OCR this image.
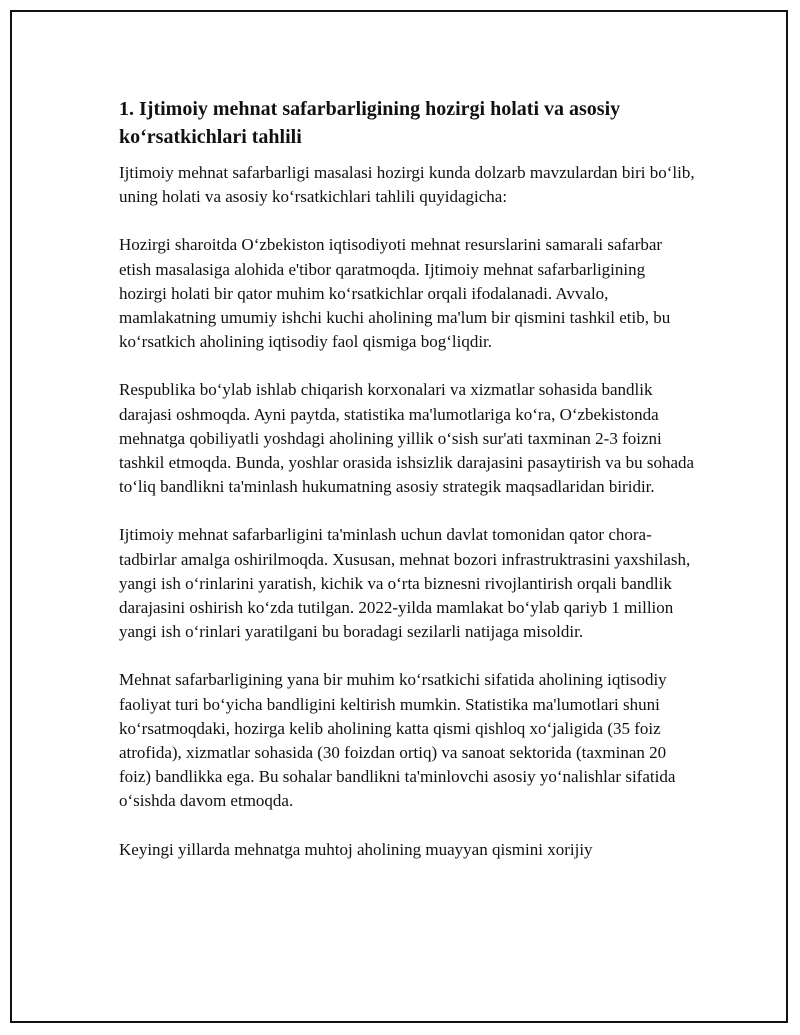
1. Ijtimoiy mehnat safarbarligining hozirgi holati va asosiy ko‘rsatkichlari tahlili

Ijtimoiy mehnat safarbarligi masalasi hozirgi kunda dolzarb mavzulardan biri bo‘lib, uning holati va asosiy ko‘rsatkichlari tahlili quyidagicha:

Hozirgi sharoitda O‘zbekiston iqtisodiyoti mehnat resurslarini samarali safarbar etish masalasiga alohida e'tibor qaratmoqda. Ijtimoiy mehnat safarbarligining hozirgi holati bir qator muhim ko‘rsatkichlar orqali ifodalanadi. Avvalo, mamlakatning umumiy ishchi kuchi aholining ma'lum bir qismini tashkil etib, bu ko‘rsatkich aholining iqtisodiy faol qismiga bog‘liqdir.

Respublika bo‘ylab ishlab chiqarish korxonalari va xizmatlar sohasida bandlik darajasi oshmoqda. Ayni paytda, statistika ma'lumotlariga ko‘ra, O‘zbekistonda mehnatga qobiliyatli yoshdagi aholining yillik o‘sish sur'ati taxminan 2-3 foizni tashkil etmoqda. Bunda, yoshlar orasida ishsizlik darajasini pasaytirish va bu sohada to‘liq bandlikni ta'minlash hukumatning asosiy strategik maqsadlaridan biridir.

Ijtimoiy mehnat safarbarligini ta'minlash uchun davlat tomonidan qator chora-tadbirlar amalga oshirilmoqda. Xususan, mehnat bozori infrastruktrasini yaxshilash, yangi ish o‘rinlarini yaratish, kichik va o‘rta biznesni rivojlantirish orqali bandlik darajasini oshirish ko‘zda tutilgan. 2022-yilda mamlakat bo‘ylab qariyb 1 million yangi ish o‘rinlari yaratilgani bu boradagi sezilarli natijaga misoldir.

Mehnat safarbarligining yana bir muhim ko‘rsatkichi sifatida aholining iqtisodiy faoliyat turi bo‘yicha bandligini keltirish mumkin. Statistika ma'lumotlari shuni ko‘rsatmoqdaki, hozirga kelib aholining katta qismi qishloq xo‘jaligida (35 foiz atrofida), xizmatlar sohasida (30 foizdan ortiq) va sanoat sektorida (taxminan 20 foiz) bandlikka ega. Bu sohalar bandlikni ta'minlovchi asosiy yo‘nalishlar sifatida o‘sishda davom etmoqda.

Keyingi yillarda mehnatga muhtoj aholining muayyan qismini xorijiy
